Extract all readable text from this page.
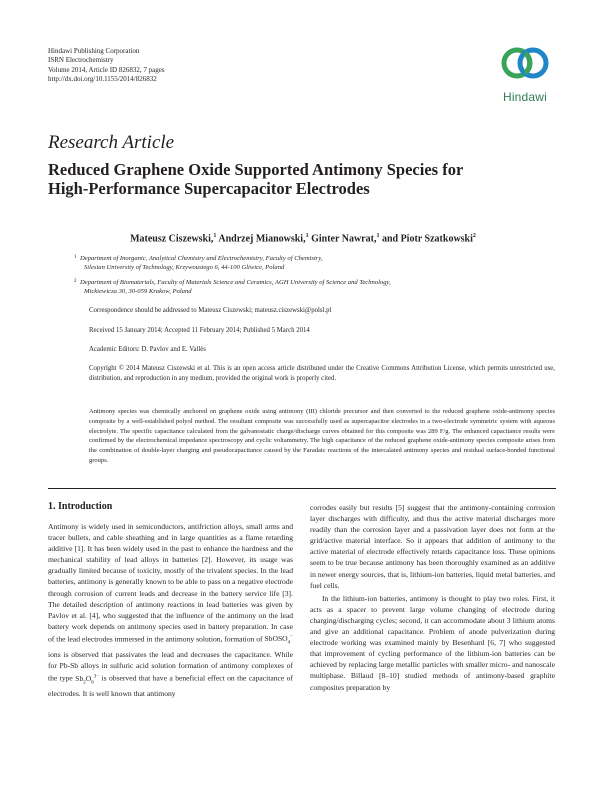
Hindawi Publishing Corporation
ISRN Electrochemistry
Volume 2014, Article ID 826832, 7 pages
http://dx.doi.org/10.1155/2014/826832
Hindawi
Research Article
Reduced Graphene Oxide Supported Antimony Species for
High-Performance Supercapacitor Electrodes
Mateusz Ciszewski,$^1$ Andrzej Mianowski,$^1$ Ginter Nawrat,$^1$ and Piotr Szatkowski$^2$
1 Department of Inorganic, Analytical Chemistry and Electrochemistry, Faculty of Chemistry,
Silesian University of Technology, Krzywoustego 6, 44-100 Gliwice, Poland
2 Department of Biomaterials, Faculty of Materials Science and Ceramics, AGH University of Science and Technology,
Mickiewicza 30, 30-059 Krakow, Poland
Correspondence should be addressed to Mateusz Ciszewski; mateusz.ciszewski@polsl.pl
Received 15 January 2014; Accepted 11 February 2014; Published 5 March 2014
Academic Editors: D. Pavlov and E. Vallès
Copyright © 2014 Mateusz Ciszewski et al. This is an open access article distributed under the Creative Commons Attribution License, which permits unrestricted use, distribution, and reproduction in any medium, provided the original work is properly cited.
Antimony species was chemically anchored on graphene oxide using antimony (III) chloride precursor and then converted to the reduced graphene oxide-antimony species composite by a well-established polyol method. The resultant composite was successfully used as supercapacitor electrodes in a two-electrode symmetric system with aqueous electrolyte. The specific capacitance calculated from the galvanostatic charge/discharge curves obtained for this composite was 289 F/g. The enhanced capacitance results were confirmed by the electrochemical impedance spectroscopy and cyclic voltammetry. The high capacitance of the reduced graphene oxide-antimony species composite arises from the combination of double-layer charging and pseudocapacitance caused by the Faradaic reactions of the intercalated antimony species and residual surface-bonded functional groups.
1. Introduction

Antimony is widely used in semiconductors, antifriction alloys, small arms and tracer bullets, and cable sheathing and in large quantities as a flame retarding additive [1]. It has been widely used in the past to enhance the hardness and the mechanical stability of lead alloys in batteries [2]. However, its usage was gradually limited because of toxicity, mostly of the trivalent species. In the lead batteries, antimony is generally known to be able to pass on a negative electrode through corrosion of current leads and decrease in the battery service life [3]. The detailed description of antimony reactions in lead batteries was given by Pavlov et al. [4], who suggested that the influence of the antimony on the lead battery work depends on antimony species used in battery preparation. In case of the lead electrodes immersed in the antimony solution, formation of SbOSO$_4$− ions is observed that passivates the lead and decreases the capacitance. While for Pb-Sb alloys in sulfuric acid solution formation of antimony complexes of the type $Sb_2O_6^{3-}$ is observed that have a beneficial effect on the capacitance of electrodes. It is well known that antimony

corrodes easily but results [5] suggest that the antimony-containing corrosion layer discharges with difficulty, and thus the active material discharges more readily than the corrosion layer and a passivation layer does not form at the grid/active material interface. So it appears that addition of antimony to the active material of electrode effectively retards capacitance loss. These opinions seem to be true because antimony has been thoroughly examined as an additive in newer energy sources, that is, lithium-ion batteries, liquid metal batteries, and fuel cells.

In the lithium-ion batteries, antimony is thought to play two roles. First, it acts as a spacer to prevent large volume changing of electrode during charging/discharging cycles; second, it can accommodate about 3 lithium atoms and give an additional capacitance. Problem of anode pulverization during electrode working was examined mainly by Besenhard [6, 7] who suggested that improvement of cycling performance of the lithium-ion batteries can be achieved by replacing large metallic particles with smaller micro- and nanoscale multiphase. Billaud [8–10] studied methods of antimony-based graphite composites preparation by
